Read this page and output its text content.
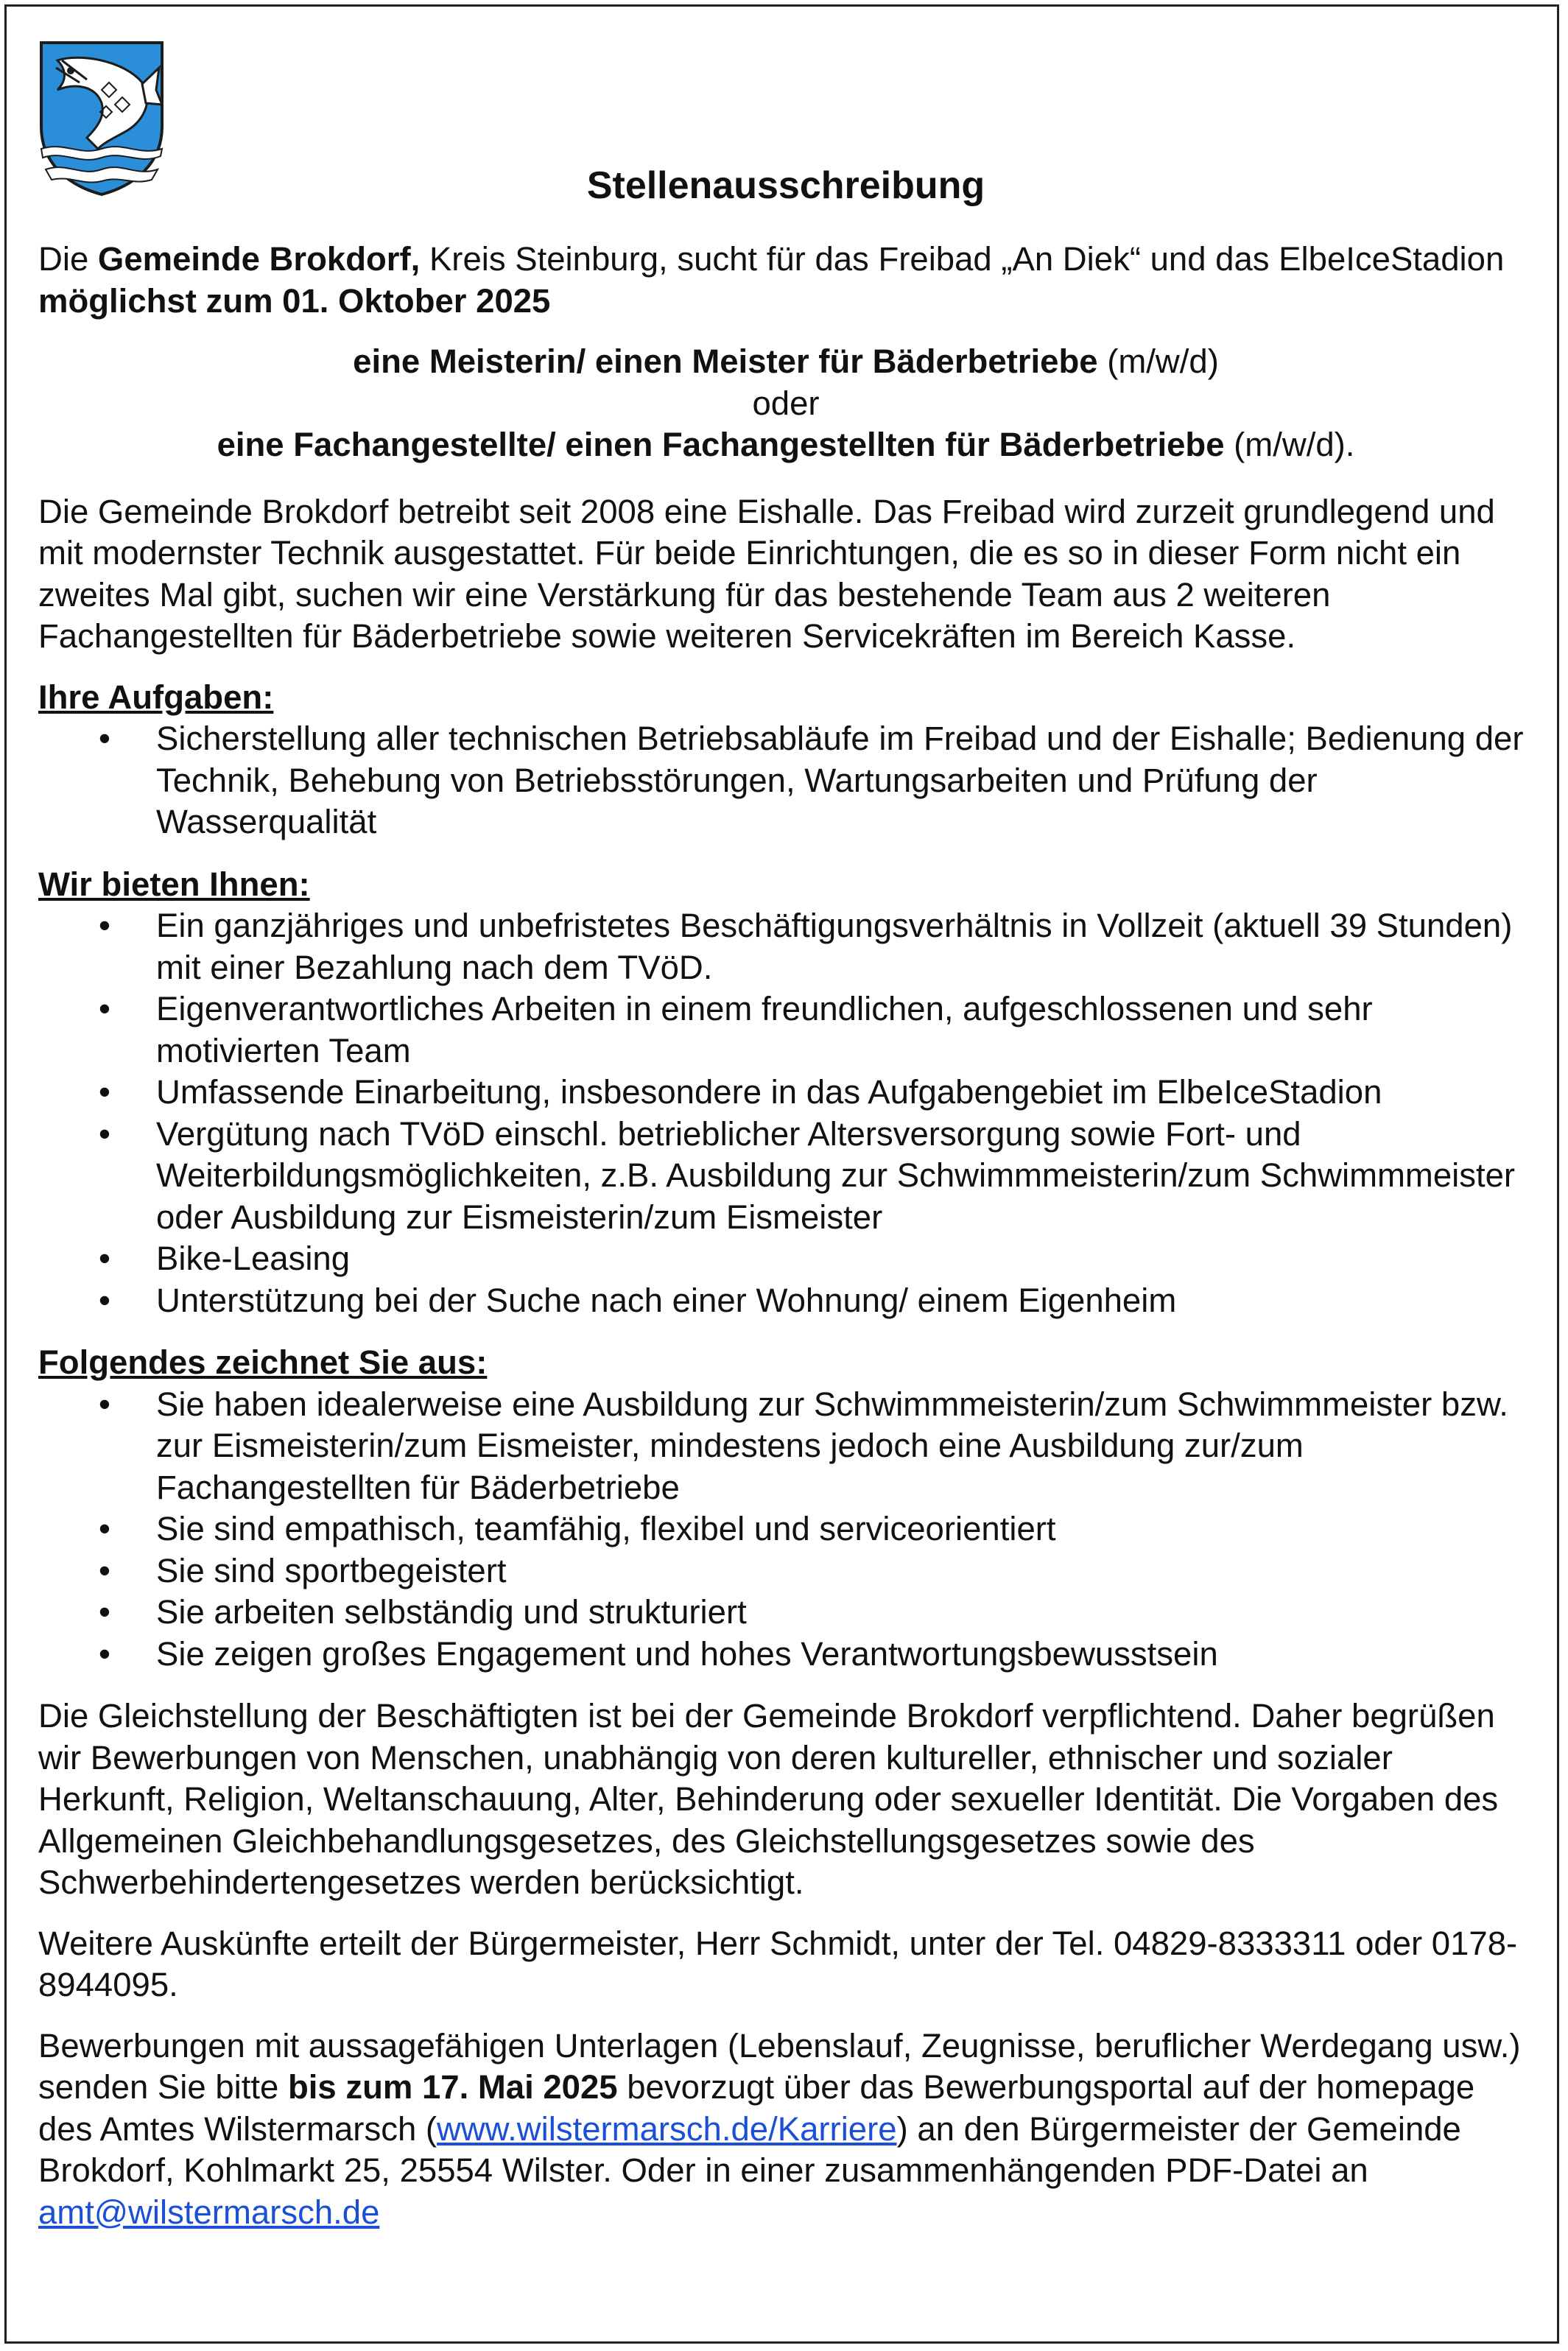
Stellenausschreibung

Die Gemeinde Brokdorf, Kreis Steinburg, sucht für das Freibad „An Diek“ und das ElbeIceStadion möglichst zum 01. Oktober 2025

eine Meisterin/ einen Meister für Bäderbetriebe (m/w/d)

oder

eine Fachangestellte/ einen Fachangestellten für Bäderbetriebe (m/w/d).

Die Gemeinde Brokdorf betreibt seit 2008 eine Eishalle. Das Freibad wird zurzeit grundlegend und mit modernster Technik ausgestattet. Für beide Einrichtungen, die es so in dieser Form nicht ein zweites Mal gibt, suchen wir eine Verstärkung für das bestehende Team aus 2 weiteren Fachangestellten für Bäderbetriebe sowie weiteren Servicekräften im Bereich Kasse.

Ihre Aufgaben:

• Sicherstellung aller technischen Betriebsabläufe im Freibad und der Eishalle; Bedienung der Technik, Behebung von Betriebsstörungen, Wartungsarbeiten und Prüfung der Wasserqualität

Wir bieten Ihnen:

• Ein ganzjähriges und unbefristetes Beschäftigungsverhältnis in Vollzeit (aktuell 39 Stunden) mit einer Bezahlung nach dem TVöD.
• Eigenverantwortliches Arbeiten in einem freundlichen, aufgeschlossenen und sehr motivierten Team
• Umfassende Einarbeitung, insbesondere in das Aufgabengebiet im ElbeIceStadion
• Vergütung nach TVöD einschl. betrieblicher Altersversorgung sowie Fort- und Weiterbildungsmöglichkeiten, z.B. Ausbildung zur Schwimmmeisterin/zum Schwimmmeister oder Ausbildung zur Eismeisterin/zum Eismeister
• Bike-Leasing
• Unterstützung bei der Suche nach einer Wohnung/ einem Eigenheim

Folgendes zeichnet Sie aus:

• Sie haben idealerweise eine Ausbildung zur Schwimmmeisterin/zum Schwimmmeister bzw. zur Eismeisterin/zum Eismeister, mindestens jedoch eine Ausbildung zur/zum Fachangestellten für Bäderbetriebe
• Sie sind empathisch, teamfähig, flexibel und serviceorientiert
• Sie sind sportbegeistert
• Sie arbeiten selbständig und strukturiert
• Sie zeigen großes Engagement und hohes Verantwortungsbewusstsein

Die Gleichstellung der Beschäftigten ist bei der Gemeinde Brokdorf verpflichtend. Daher begrüßen wir Bewerbungen von Menschen, unabhängig von deren kultureller, ethnischer und sozialer Herkunft, Religion, Weltanschauung, Alter, Behinderung oder sexueller Identität. Die Vorgaben des Allgemeinen Gleichbehandlungsgesetzes, des Gleichstellungsgesetzes sowie des Schwerbehindertengesetzes werden berücksichtigt.

Weitere Auskünfte erteilt der Bürgermeister, Herr Schmidt, unter der Tel. 04829-8333311 oder 0178-8944095.

Bewerbungen mit aussagefähigen Unterlagen (Lebenslauf, Zeugnisse, beruflicher Werdegang usw.) senden Sie bitte bis zum 17. Mai 2025 bevorzugt über das Bewerbungsportal auf der homepage des Amtes Wilstermarsch (www.wilstermarsch.de/Karriere) an den Bürgermeister der Gemeinde Brokdorf, Kohlmarkt 25, 25554 Wilster. Oder in einer zusammenhängenden PDF-Datei an amt@wilstermarsch.de
